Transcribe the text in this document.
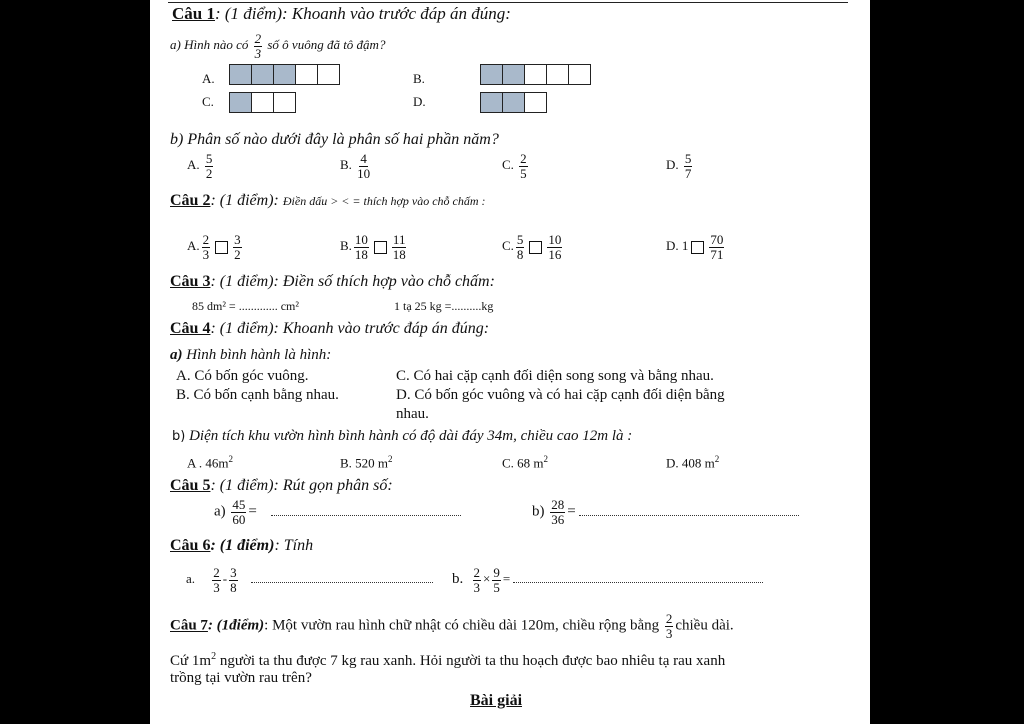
Câu 1: (1 điểm): Khoanh vào trước đáp án đúng:
a) Hình nào có $\frac{2}{3}$ số ô vuông đã tô đậm?
A.	B.
C.	D.
b) Phân số nào dưới đây là phân số hai phần năm?
A. $\frac{5}{2}$	B. $\frac{4}{10}$	C. $\frac{2}{5}$	D. $\frac{5}{7}$
Câu 2: (1 điểm): Điền dấu > < = thích hợp vào chỗ chấm :
A. $\frac{2}{3} \frac{3}{2}$	B. $\frac{10}{18} \frac{11}{18}$	C. $\frac{5}{8} \frac{10}{16}$	D. $1 \frac{70}{71}$
Câu 3: (1 điểm): Điền số thích hợp vào chỗ chấm:
85 dm² = ............. cm²	1 tạ 25 kg =..........kg
Câu 4: (1 điểm): Khoanh vào trước đáp án đúng:
a) Hình bình hành là hình:
A. Có bốn góc vuông.	C. Có hai cặp cạnh đối diện song song và bằng nhau.
B. Có bốn cạnh bằng nhau.	D. Có bốn góc vuông và có hai cặp cạnh đối diện bằng
nhau.
b) Diện tích khu vườn hình bình hành có độ dài đáy 34m, chiều cao 12m là :
A . $46m^2$	B. 520 $m^2$	C. 68 $m^2$	D. 408 $m^2$
Câu 5: (1 điểm): Rút gọn phân số:
$a) \frac{45}{60}$ =	$b) \frac{28}{36}$ =
Câu 6: (1 điểm): Tính
a. $\frac{2}{3} - \frac{3}{8}$
	b. $\frac{2}{3} \times \frac{9}{5}$ =
Câu 7: (1điểm): Một vườn rau hình chữ nhật có chiều dài 120m, chiều rộng bằng $\frac{2}{3}$ chiều dài.
Cứ $1m^2$ người ta thu được 7 kg rau xanh. Hỏi người ta thu hoạch được bao nhiêu tạ rau xanh
trồng tại vườn rau trên?
Bài giải
